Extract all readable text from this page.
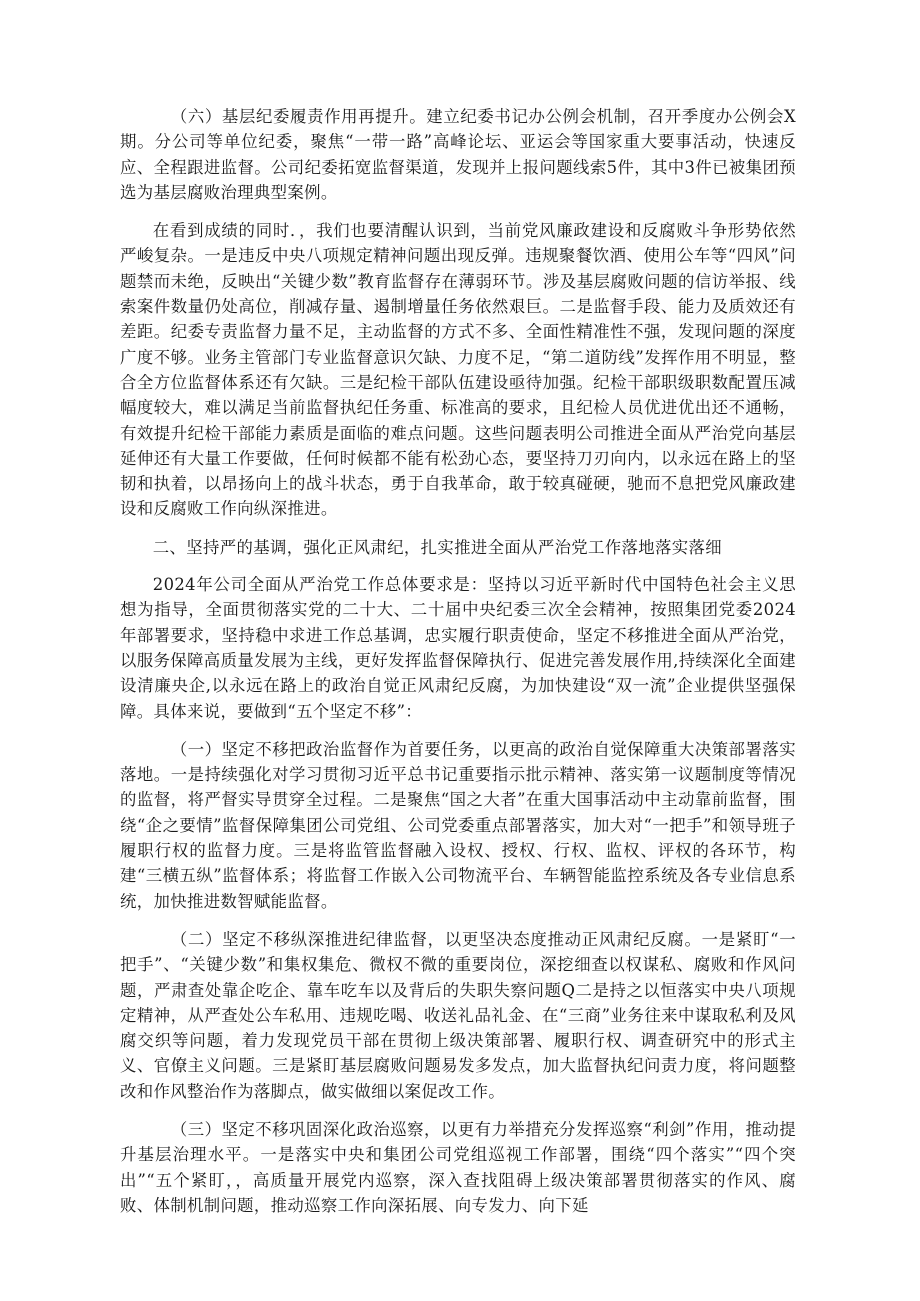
（六）基层纪委履责作用再提升。建立纪委书记办公例会机制，召开季度办公例会X期。分公司等单位纪委，聚焦“一带一路”高峰论坛、亚运会等国家重大要事活动，快速反应、全程跟进监督。公司纪委拓宽监督渠道，发现并上报问题线索5件，其中3件已被集团预选为基层腐败治理典型案例。

在看到成绩的同时．，我们也要清醒认识到，当前党风廉政建设和反腐败斗争形势依然严峻复杂。一是违反中央八项规定精神问题出现反弹。违规聚餐饮酒、使用公车等“四风”问题禁而未绝，反映出“关键少数”教育监督存在薄弱环节。涉及基层腐败问题的信访举报、线索案件数量仍处高位，削减存量、遏制增量任务依然艰巨。二是监督手段、能力及质效还有差距。纪委专责监督力量不足，主动监督的方式不多、全面性精准性不强，发现问题的深度广度不够。业务主管部门专业监督意识欠缺、力度不足，“第二道防线”发挥作用不明显，整合全方位监督体系还有欠缺。三是纪检干部队伍建设亟待加强。纪检干部职级职数配置压减幅度较大，难以满足当前监督执纪任务重、标准高的要求，且纪检人员优进优出还不通畅，有效提升纪检干部能力素质是面临的难点问题。这些问题表明公司推进全面从严治党向基层延伸还有大量工作要做，任何时候都不能有松劲心态，要坚持刀刃向内，以永远在路上的坚韧和执着，以昂扬向上的战斗状态，勇于自我革命，敢于较真碰硬，驰而不息把党风廉政建设和反腐败工作向纵深推进。

二、坚持严的基调，强化正风肃纪，扎实推进全面从严治党工作落地落实落细

2024年公司全面从严治党工作总体要求是：坚持以习近平新时代中国特色社会主义思想为指导，全面贯彻落实党的二十大、二十届中央纪委三次全会精神，按照集团党委2024年部署要求，坚持稳中求进工作总基调，忠实履行职责使命，坚定不移推进全面从严治党，以服务保障高质量发展为主线，更好发挥监督保障执行、促进完善发展作用,持续深化全面建设清廉央企,以永远在路上的政治自觉正风肃纪反腐，为加快建设“双一流”企业提供坚强保障。具体来说，要做到“五个坚定不移”：

（一）坚定不移把政治监督作为首要任务，以更高的政治自觉保障重大决策部署落实落地。一是持续强化对学习贯彻习近平总书记重要指示批示精神、落实第一议题制度等情况的监督，将严督实导贯穿全过程。二是聚焦“国之大者”在重大国事活动中主动靠前监督，围绕“企之要情”监督保障集团公司党组、公司党委重点部署落实，加大对“一把手”和领导班子履职行权的监督力度。三是将监管监督融入设权、授权、行权、监权、评权的各环节，构建“三横五纵”监督体系；将监督工作嵌入公司物流平台、车辆智能监控系统及各专业信息系统，加快推进数智赋能监督。

（二）坚定不移纵深推进纪律监督，以更坚决态度推动正风肃纪反腐。一是紧盯“一把手”、“关键少数”和集权集危、微权不微的重要岗位，深挖细查以权谋私、腐败和作风问题，严肃查处靠企吃企、靠车吃车以及背后的失职失察问题Q二是持之以恒落实中央八项规定精神，从严查处公车私用、违规吃喝、收送礼品礼金、在“三商”业务往来中谋取私利及风腐交织等问题，着力发现党员干部在贯彻上级决策部署、履职行权、调查研究中的形式主义、官僚主义问题。三是紧盯基层腐败问题易发多发点，加大监督执纪问责力度，将问题整改和作风整治作为落脚点，做实做细以案促改工作。

（三）坚定不移巩固深化政治巡察，以更有力举措充分发挥巡察“利剑”作用，推动提升基层治理水平。一是落实中央和集团公司党组巡视工作部署，围绕“四个落实”“四个突出”“五个紧盯，，高质量开展党内巡察，深入查找阻碍上级决策部署贯彻落实的作风、腐败、体制机制问题，推动巡察工作向深拓展、向专发力、向下延
